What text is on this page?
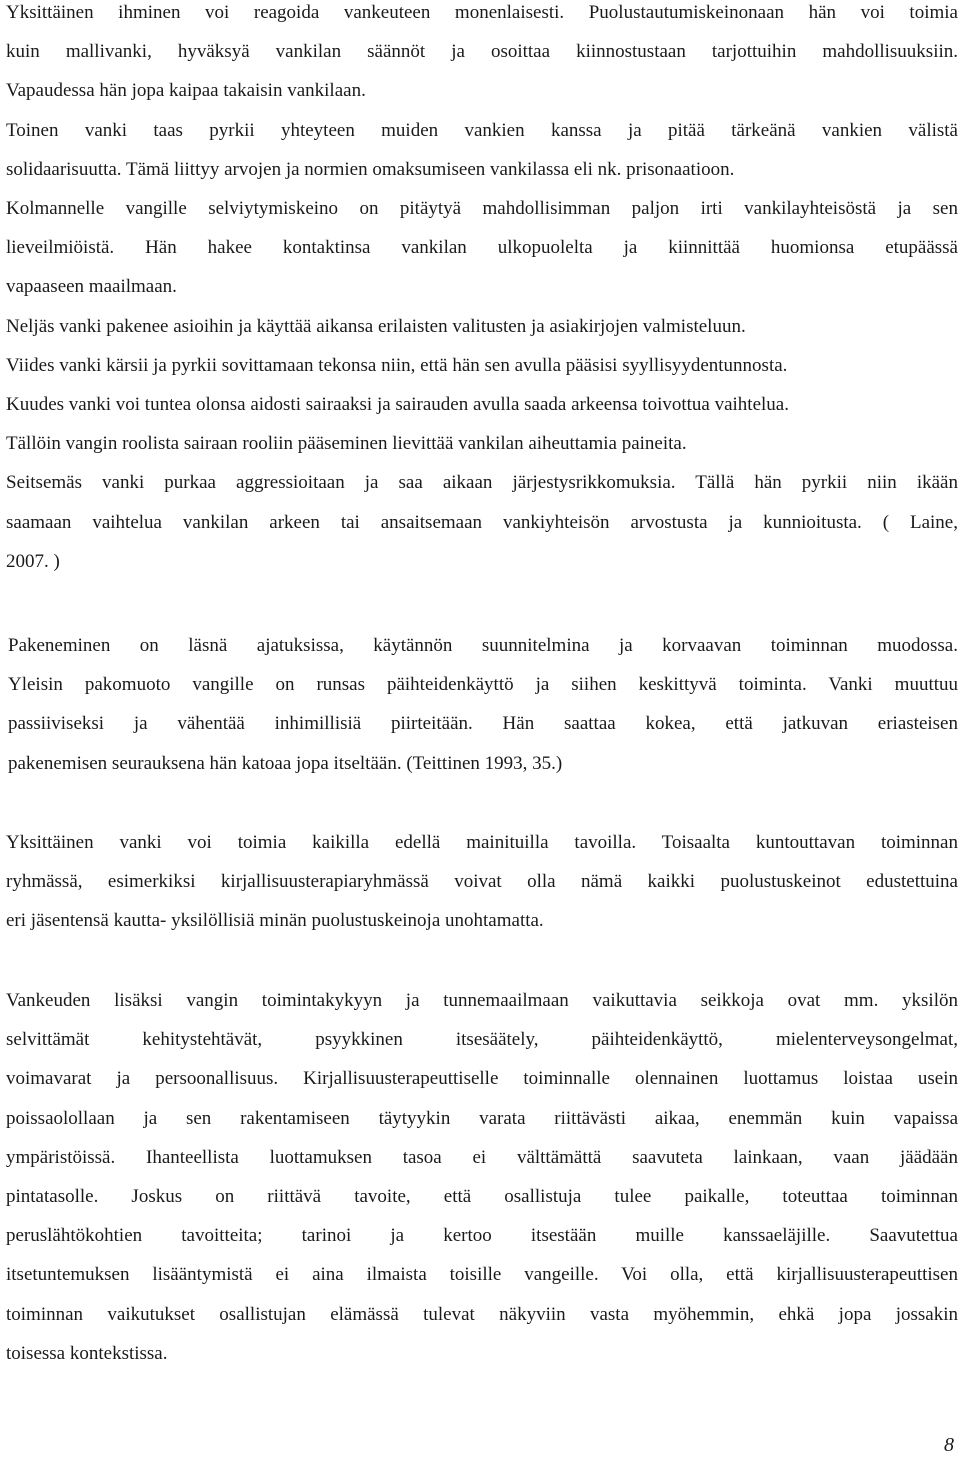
Yksittäinen ihminen voi reagoida vankeuteen monenlaisesti. Puolustautumiskeinonaan hän voi toimia
kuin mallivanki, hyväksyä vankilan säännöt ja osoittaa kiinnostustaan tarjottuihin mahdollisuuksiin.
Vapaudessa hän jopa kaipaa takaisin vankilaan.
Toinen vanki taas pyrkii yhteyteen muiden vankien kanssa ja pitää tärkeänä vankien välistä
solidaarisuutta. Tämä liittyy arvojen ja normien omaksumiseen vankilassa eli nk. prisonaatioon.
Kolmannelle vangille selviytymiskeino on pitäytyä mahdollisimman paljon irti vankilayhteisöstä ja sen
lieveilmiöistä. Hän hakee kontaktinsa vankilan ulkopuolelta ja kiinnittää huomionsa etupäässä
vapaaseen maailmaan.
Neljäs vanki pakenee asioihin ja käyttää aikansa erilaisten valitusten ja asiakirjojen valmisteluun.
Viides vanki kärsii ja pyrkii sovittamaan tekonsa niin, että hän sen avulla pääsisi syyllisyydentunnosta.
Kuudes vanki voi tuntea olonsa aidosti sairaaksi ja sairauden avulla saada arkeensa toivottua vaihtelua.
Tällöin vangin roolista sairaan rooliin pääseminen lievittää vankilan aiheuttamia paineita.
Seitsemäs vanki purkaa aggressioitaan ja saa aikaan järjestysrikkomuksia. Tällä hän pyrkii niin ikään
saamaan vaihtelua vankilan arkeen tai ansaitsemaan vankiyhteisön arvostusta ja kunnioitusta. ( Laine,
2007. )
Pakeneminen on läsnä ajatuksissa, käytännön suunnitelmina ja korvaavan toiminnan muodossa.
Yleisin pakomuoto vangille on runsas päihteidenkäyttö ja siihen keskittyvä toiminta. Vanki muuttuu
passiiviseksi ja vähentää inhimillisiä piirteitään. Hän saattaa kokea, että jatkuvan eriasteisen
pakenemisen seurauksena hän katoaa jopa itseltään. (Teittinen 1993, 35.)
Yksittäinen vanki voi toimia kaikilla edellä mainituilla tavoilla. Toisaalta kuntouttavan toiminnan
ryhmässä, esimerkiksi kirjallisuusterapiaryhmässä voivat olla nämä kaikki puolustuskeinot edustettuina
eri jäsentensä kautta- yksilöllisiä minän puolustuskeinoja unohtamatta.
Vankeuden lisäksi vangin toimintakykyyn ja tunnemaailmaan vaikuttavia seikkoja ovat mm. yksilön
selvittämät kehitystehtävät, psyykkinen itsesäätely, päihteidenkäyttö, mielenterveysongelmat,
voimavarat ja persoonallisuus. Kirjallisuusterapeuttiselle toiminnalle olennainen luottamus loistaa usein
poissaolollaan ja sen rakentamiseen täytyykin varata riittävästi aikaa, enemmän kuin vapaissa
ympäristöissä. Ihanteellista luottamuksen tasoa ei välttämättä saavuteta lainkaan, vaan jäädään
pintatasolle. Joskus on riittävä tavoite, että osallistuja tulee paikalle, toteuttaa toiminnan
peruslähtökohtien tavoitteita; tarinoi ja kertoo itsestään muille kanssaeläjille. Saavutettua
itsetuntemuksen lisääntymistä ei aina ilmaista toisille vangeille. Voi olla, että kirjallisuusterapeuttisen
toiminnan vaikutukset osallistujan elämässä tulevat näkyviin vasta myöhemmin, ehkä jopa jossakin
toisessa kontekstissa.
8
